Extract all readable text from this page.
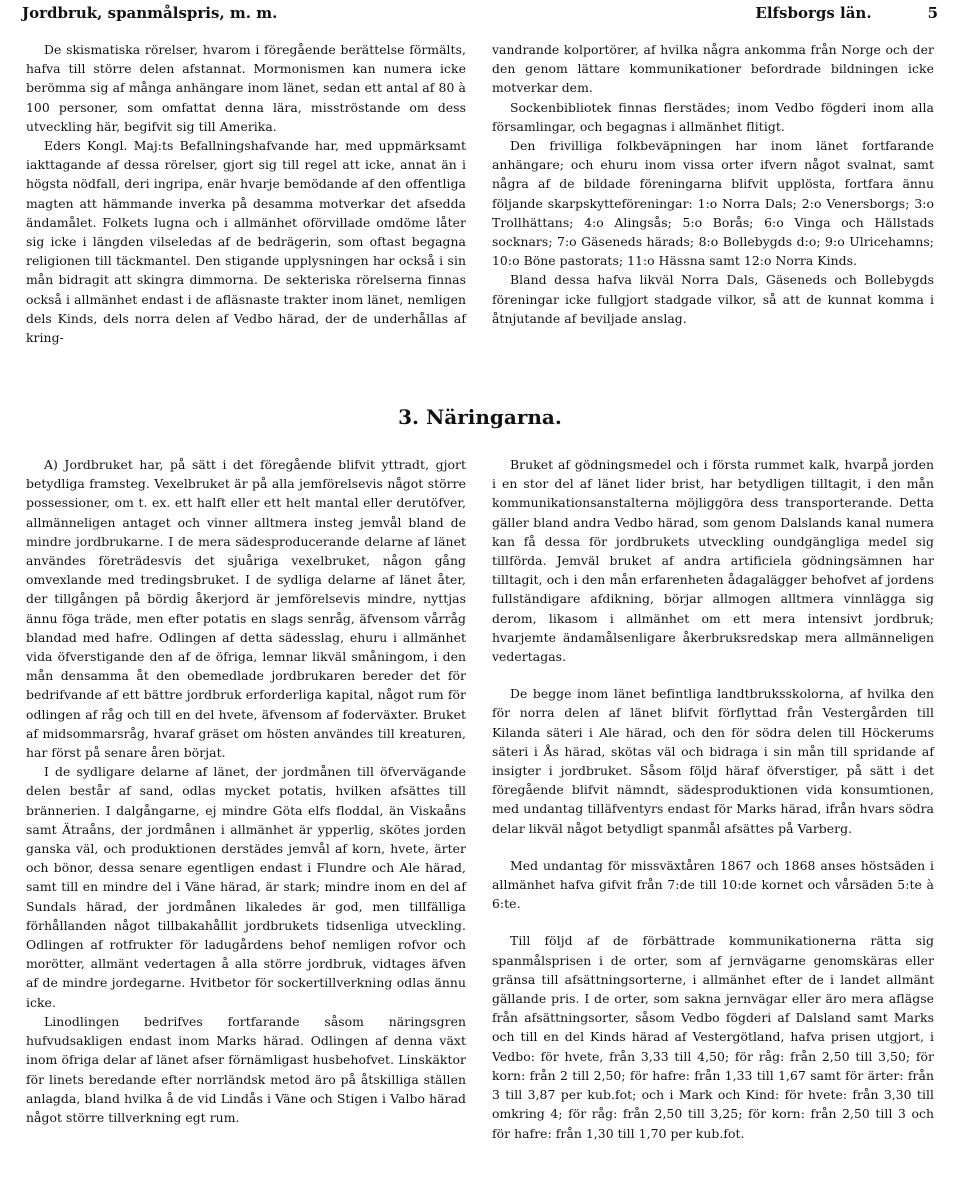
Jordbruk, spanmålspris, m. m.	Elfsborgs län.	5

De skismatiska rörelser, hvarom i föregående berättelse förmälts, hafva till större delen afstannat. Mormonismen kan numera icke berömma sig af många anhängare inom länet, sedan ett antal af 80 à 100 personer, som omfattat denna lära, misströstande om dess utveckling här, begifvit sig till Amerika.

Eders Kongl. Maj:ts Befallningshafvande har, med uppmärksamt iakttagande af dessa rörelser, gjort sig till regel att icke, annat än i högsta nödfall, deri ingripa, enär hvarje bemödande af den offentliga magten att hämmande inverka på desamma motverkar det afsedda ändamålet. Folkets lugna och i allmänhet oförvillade omdöme låter sig icke i längden vilseledas af de bedrägerin, som oftast begagna religionen till täckmantel. Den stigande upplysningen har också i sin mån bidragit att skingra dimmorna. De sekteriska rörelserna finnas också i allmänhet endast i de afläsnaste trakter inom länet, nemligen dels Kinds, dels norra delen af Vedbo härad, der de underhållas af kring-

vandrande kolportörer, af hvilka några ankomma från Norge och der den genom lättare kommunikationer befordrade bildningen icke motverkar dem.

Sockenbibliotek finnas flerstädes; inom Vedbo fögderi inom alla församlingar, och begagnas i allmänhet flitigt.

Den frivilliga folkbeväpningen har inom länet fortfarande anhängare; och ehuru inom vissa orter ifvern något svalnat, samt några af de bildade föreningarna blifvit upplösta, fortfara ännu följande skarpskytteföreningar: 1:o Norra Dals; 2:o Venersborgs; 3:o Trollhättans; 4:o Alingsås; 5:o Borås; 6:o Vinga och Hällstads socknars; 7:o Gäseneds härads; 8:o Bollebygds d:o; 9:o Ulricehamns; 10:o Böne pastorats; 11:o Hässna samt 12:o Norra Kinds.

Bland dessa hafva likväl Norra Dals, Gäseneds och Bollebygds föreningar icke fullgjort stadgade vilkor, så att de kunnat komma i åtnjutande af beviljade anslag.

3. Näringarna.

A) Jordbruket har, på sätt i det föregående blifvit yttradt, gjort betydliga framsteg. Vexelbruket är på alla jemförelsevis något större possessioner, om t. ex. ett halft eller ett helt mantal eller derutöfver, allmänneligen antaget och vinner alltmera insteg jemvål bland de mindre jordbrukarne. I de mera sädesproducerande delarne af länet användes företrädesvis det sjuåriga vexelbruket, någon gång omvexlande med tredingsbruket. I de sydliga delarne af länet åter, der tillgången på bördig åkerjord är jemförelsevis mindre, nyttjas ännu föga träde, men efter potatis en slags senråg, äfvensom vårråg blandad med hafre. Odlingen af detta sädesslag, ehuru i allmänhet vida öfverstigande den af de öfriga, lemnar likväl småningom, i den mån densamma åt den obemedlade jordbrukaren bereder det för bedrifvande af ett bättre jordbruk erforderliga kapital, något rum för odlingen af råg och till en del hvete, äfvensom af foderväxter. Bruket af midsommarsråg, hvaraf gräset om hösten användes till kreaturen, har först på senare åren börjat.

I de sydligare delarne af länet, der jordmånen till öfvervägande delen består af sand, odlas mycket potatis, hvilken afsättes till brännerien. I dalgångarne, ej mindre Göta elfs floddal, än Viskaåns samt Ätraåns, der jordmånen i allmänhet är ypperlig, skötes jorden ganska väl, och produktionen derstädes jemvål af korn, hvete, ärter och bönor, dessa senare egentligen endast i Flundre och Ale härad, samt till en mindre del i Väne härad, är stark; mindre inom en del af Sundals härad, der jordmånen likaledes är god, men tillfälliga förhållanden något tillbakahållit jordbrukets tidsenliga utveckling. Odlingen af rotfrukter för ladugårdens behof nemligen rofvor och morötter, allmänt vedertagen å alla större jordbruk, vidtages äfven af de mindre jordegarne. Hvitbetor för sockertillverkning odlas ännu icke.

Linodlingen bedrifves fortfarande såsom näringsgren hufvudsakligen endast inom Marks härad. Odlingen af denna växt inom öfriga delar af länet afser förnämligast husbehofvet. Linskäktor för linets beredande efter norrländsk metod äro på åtskilliga ställen anlagda, bland hvilka å de vid Lindås i Väne och Stigen i Valbo härad något större tillverkning egt rum.

Bruket af gödningsmedel och i första rummet kalk, hvarpå jorden i en stor del af länet lider brist, har betydligen tilltagit, i den mån kommunikationsanstalterna möjliggöra dess transporterande. Detta gäller bland andra Vedbo härad, som genom Dalslands kanal numera kan få dessa för jordbrukets utveckling oundgängliga medel sig tillförda. Jemväl bruket af andra artificiela gödningsämnen har tilltagit, och i den mån erfarenheten ådagalägger behofvet af jordens fullständigare afdikning, börjar allmogen alltmera vinnläggа sig derom, likasom i allmänhet om ett mera intensivt jordbruk; hvarjemte ändamålsenligare åkerbruksredskap mera allmänneligen vedertagas.

De begge inom länet befintliga landtbruksskolorna, af hvilka den för norra delen af länet blifvit förflyttad från Vestergården till Kilanda säteri i Ale härad, och den för södra delen till Höckerums säteri i Ås härad, skötas väl och bidraga i sin mån till spridande af insigter i jordbruket. Såsom följd häraf öfverstiger, på sätt i det föregående blifvit nämndt, sädesproduktionen vida konsumtionen, med undantag tilläfventyrs endast för Marks härad, ifrån hvars södra delar likväl något betydligt spanmål afsättes på Varberg.

Med undantag för missväxtåren 1867 och 1868 anses höstsäden i allmänhet hafva gifvit från 7:de till 10:de kornet och vårsäden 5:te à 6:te.

Till följd af de förbättrade kommunikationerna rätta sig spanmålsprisen i de orter, som af jernvägarne genomskäras eller gränsa till afsättningsorterne, i allmänhet efter de i landet allmänt gällande pris. I de orter, som sakna jernvägar eller äro mera aflägse från afsättningsorter, såsom Vedbo fögderi af Dalsland samt Marks och till en del Kinds härad af Vestergötland, hafva prisen utgjort, i Vedbo: för hvete, från 3,33 till 4,50; för råg: från 2,50 till 3,50; för korn: från 2 till 2,50; för hafre: från 1,33 till 1,67 samt för ärter: från 3 till 3,87 per kub.fot; och i Mark och Kind: för hvete: från 3,30 till omkring 4; för råg: från 2,50 till 3,25; för korn: från 2,50 till 3 och för hafre: från 1,30 till 1,70 per kub.fot.
